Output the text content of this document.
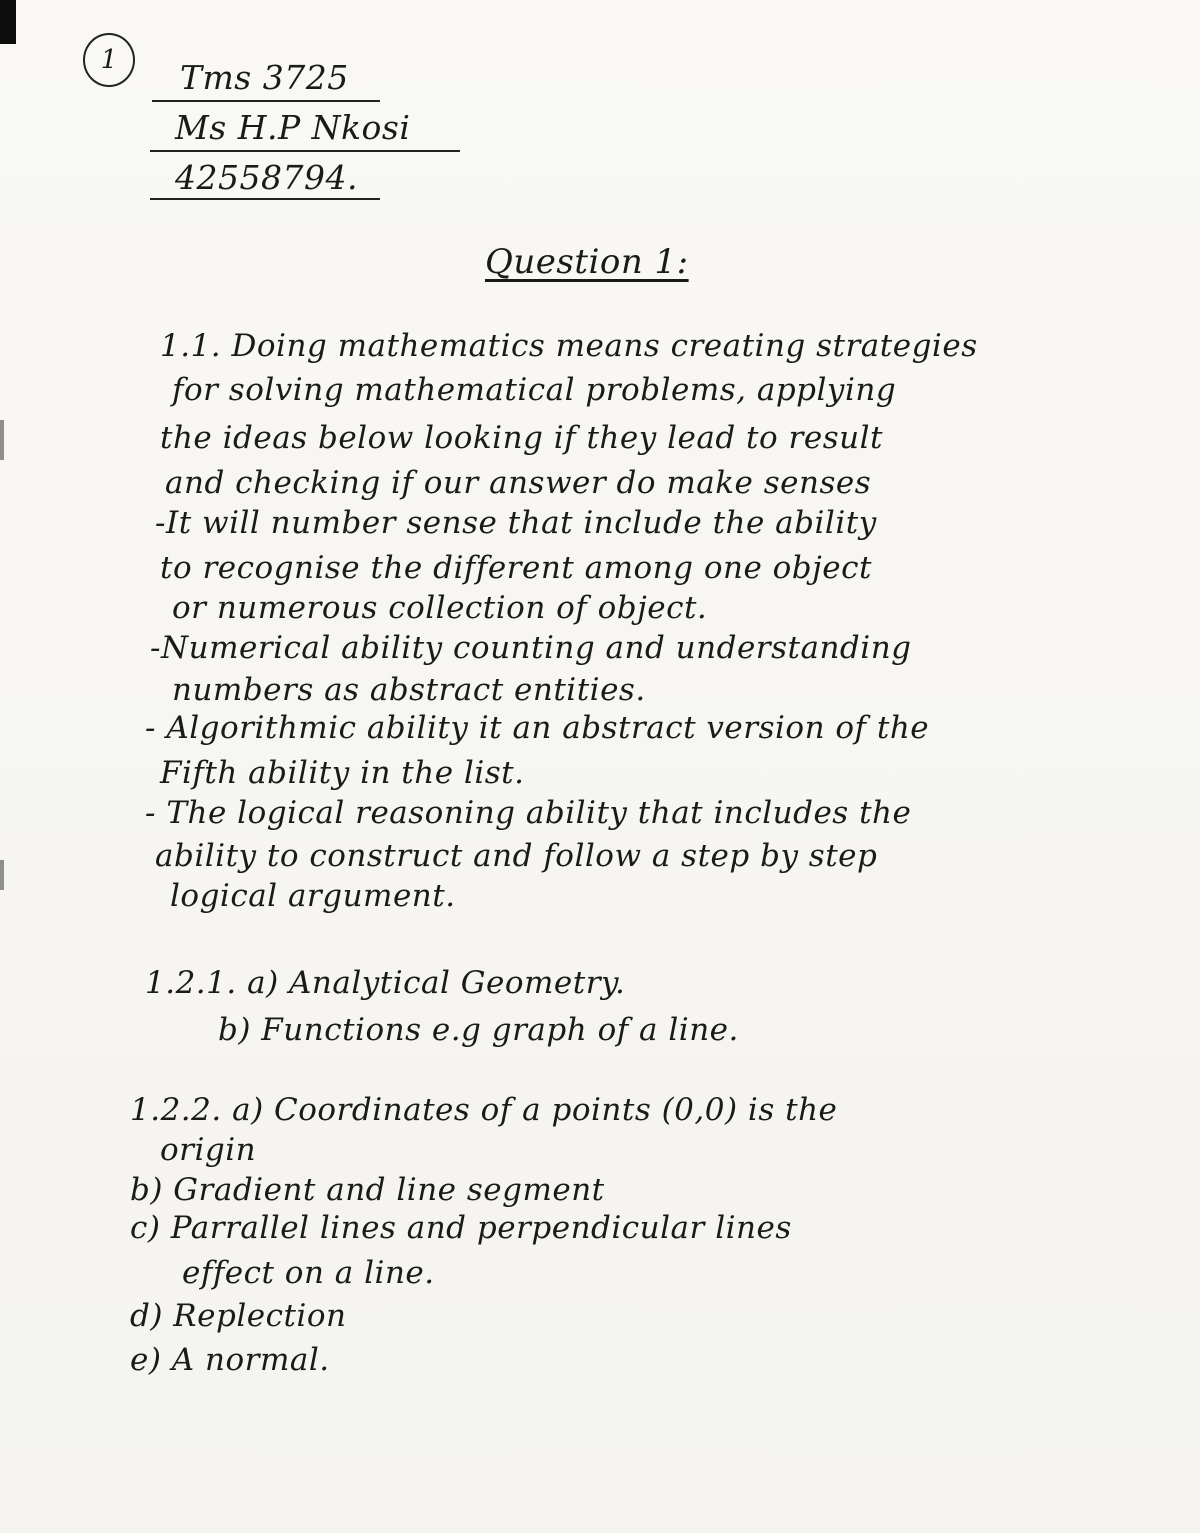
1	Tms 3725
Ms H.P Nkosi
42558794.
Question 1:
1.1. Doing mathematics means creating strategies
for solving mathematical problems, applying
the ideas below looking if they lead to result
and checking if our answer do make senses
-It will number sense that include the ability
to recognise the different among one object
or numerous collection of object.
-Numerical ability counting and understanding
numbers as abstract entities.
- Algorithmic ability it an abstract version of the
Fifth ability in the list.
- The logical reasoning ability that includes the
ability to construct and follow a step by step
logical argument.
1.2.1. a) Analytical Geometry.
b) Functions e.g graph of a line.
1.2.2. a) Coordinates of a points (0,0) is the
origin
b) Gradient and line segment
c) Parrallel lines and perpendicular lines
effect on a line.
d) Replection
e) A normal.
